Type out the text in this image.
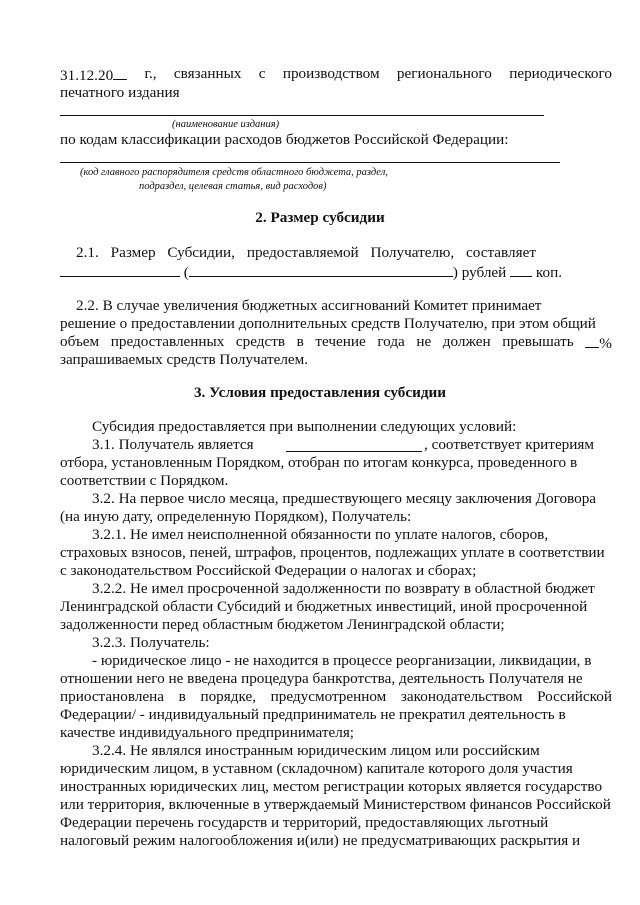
31.12.20	г., связанных с производством регионального периодического
печатного издания
(наименование издания)
по кодам классификации расходов бюджетов Российской Федерации:
(код главного распорядителя средств областного бюджета, раздел,
подраздел, целевая статья, вид расходов)
2. Размер субсидии
2.1. Размер Субсидии, предоставляемой Получателю, составляет
(	) рублей коп.
2.2. В случае увеличения бюджетных ассигнований Комитет принимает
решение о предоставлении дополнительных средств Получателю, при этом общий
объем предоставленных средств в течение года не должен превышать	%
запрашиваемых средств Получателем.
3. Условия предоставления субсидии
Субсидия предоставляется при выполнении следующих условий:
3.1. Получатель является	, соответствует критериям
отбора, установленным Порядком, отобран по итогам конкурса, проведенного в
соответствии с Порядком.
3.2. На первое число месяца, предшествующего месяцу заключения Договора
(на иную дату, определенную Порядком), Получатель:
3.2.1. Не имел неисполненной обязанности по уплате налогов, сборов,
страховых взносов, пеней, штрафов, процентов, подлежащих уплате в соответствии
с законодательством Российской Федерации о налогах и сборах;
3.2.2. Не имел просроченной задолженности по возврату в областной бюджет
Ленинградской области Субсидий и бюджетных инвестиций, иной просроченной
задолженности перед областным бюджетом Ленинградской области;
3.2.3. Получатель:
- юридическое лицо - не находится в процессе реорганизации, ликвидации, в
отношении него не введена процедура банкротства, деятельность Получателя не
приостановлена в порядке, предусмотренном законодательством Российской
Федерации/ - индивидуальный предприниматель не прекратил деятельность в
качестве индивидуального предпринимателя;
3.2.4. Не являлся иностранным юридическим лицом или российским
юридическим лицом, в уставном (складочном) капитале которого доля участия
иностранных юридических лиц, местом регистрации которых является государство
или территория, включенные в утверждаемый Министерством финансов Российской
Федерации перечень государств и территорий, предоставляющих льготный
налоговый режим налогообложения и(или) не предусматривающих раскрытия и
